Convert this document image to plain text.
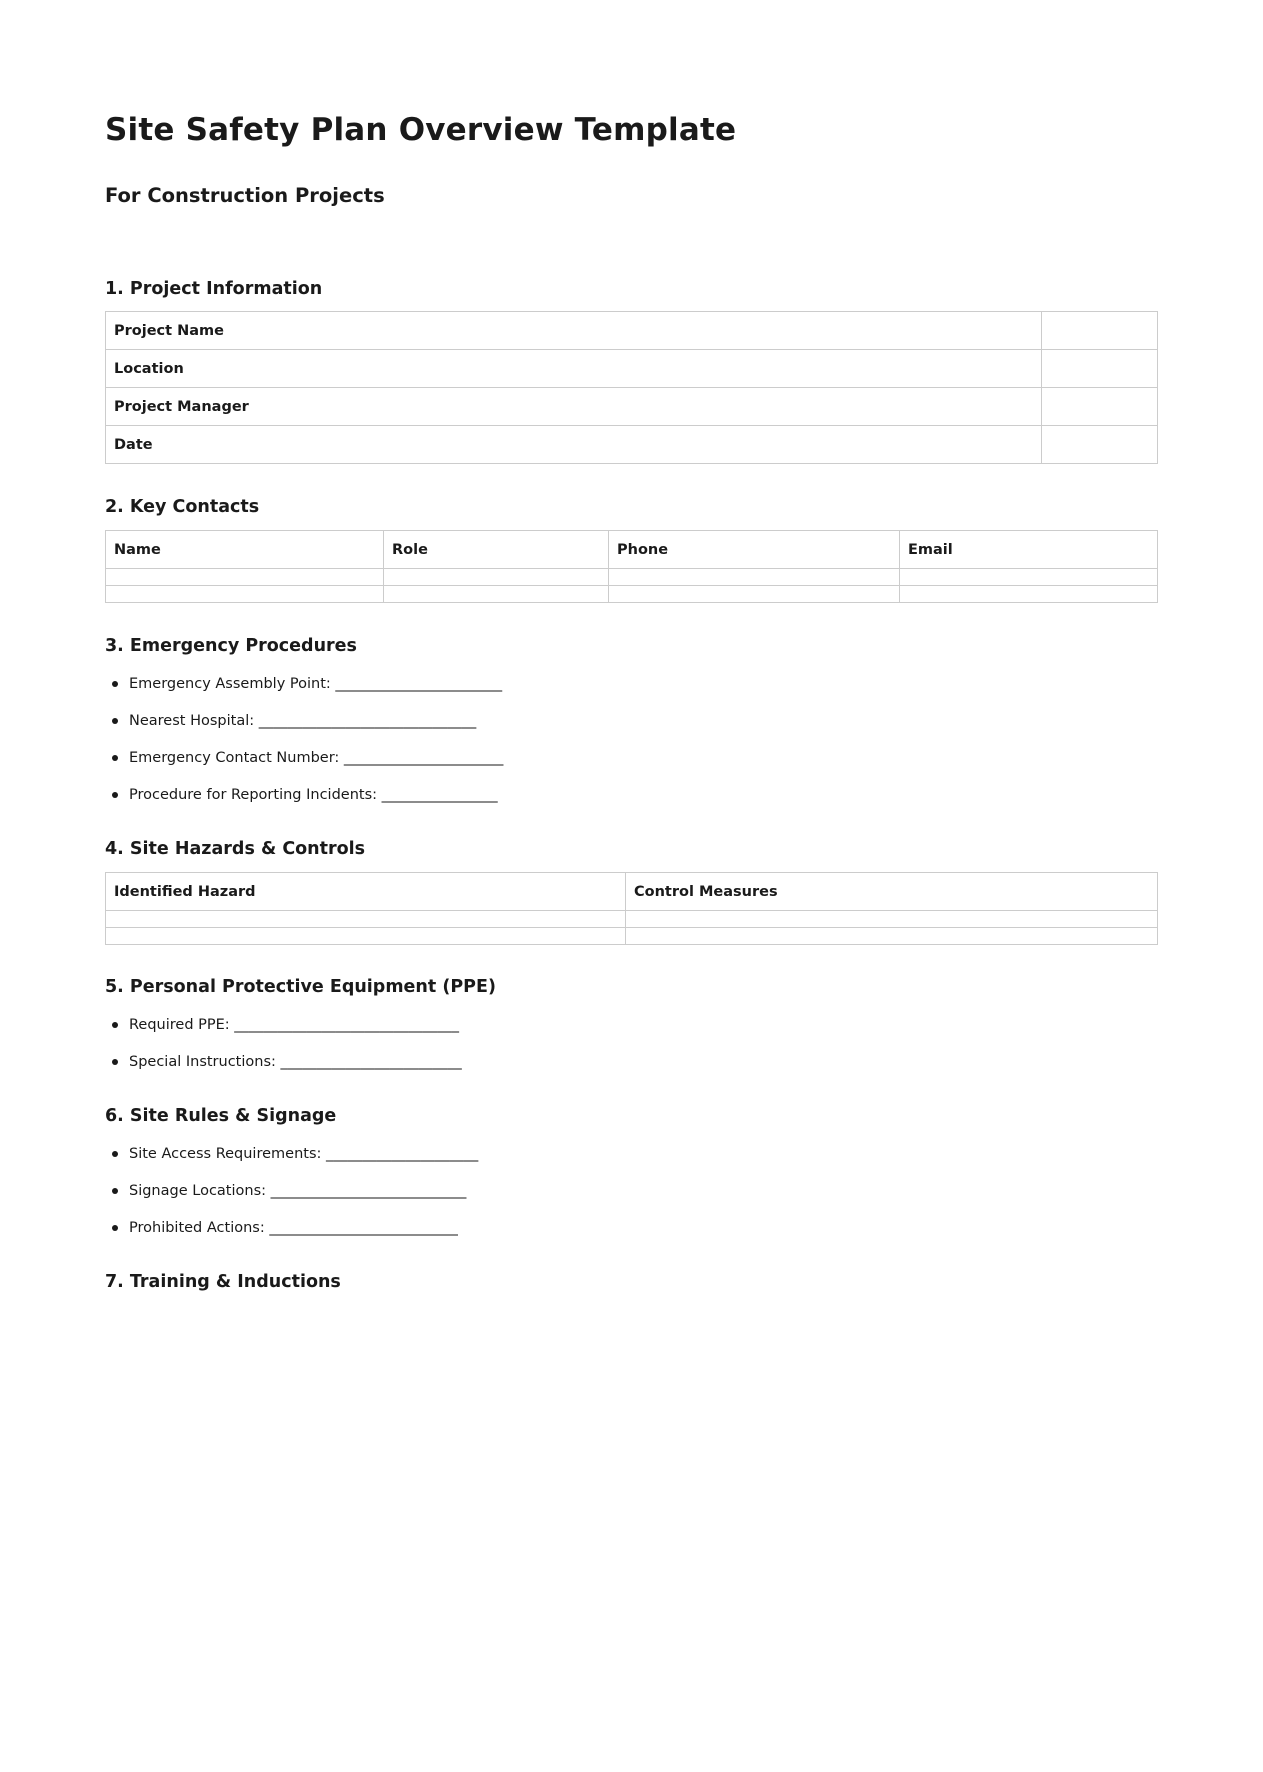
Site Safety Plan Overview Template
For Construction Projects
1. Project Information
Project Name	
Location	
Project Manager	
Date	
2. Key Contacts
Name	Role	Phone	Email

3. Emergency Procedures
Emergency Assembly Point: _______________________
Nearest Hospital: ______________________________
Emergency Contact Number: ______________________
Procedure for Reporting Incidents: ________________
4. Site Hazards & Controls
Identified Hazard	Control Measures

5. Personal Protective Equipment (PPE)
Required PPE: _______________________________
Special Instructions: _________________________
6. Site Rules & Signage
Site Access Requirements: _____________________
Signage Locations: ___________________________
Prohibited Actions: __________________________
7. Training & Inductions
